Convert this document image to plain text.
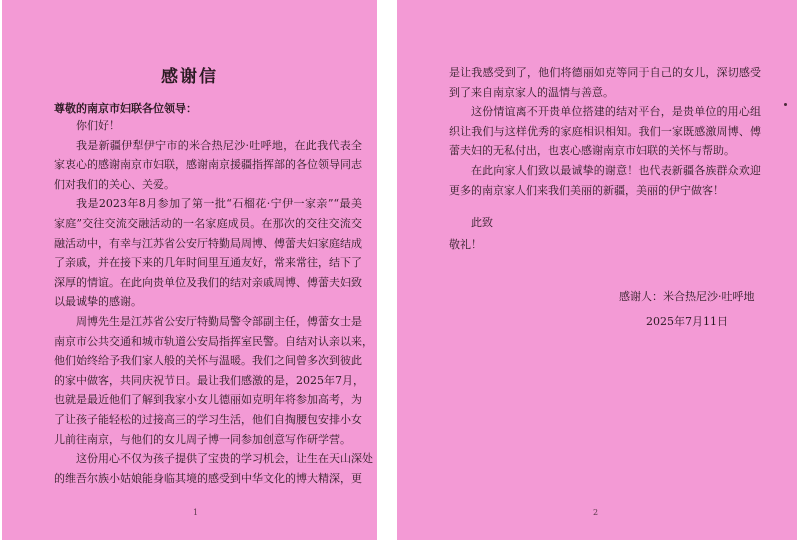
感谢信
尊敬的南京市妇联各位领导：
你们好！
我是新疆伊犁伊宁市的米合热尼沙·吐呼地，在此我代表全
家衷心的感谢南京市妇联，感谢南京援疆指挥部的各位领导同志
们对我们的关心、关爱。
我是2023年8月参加了第一批“石榴花·宁伊一家亲”“最美
家庭”交往交流交融活动的一名家庭成员。在那次的交往交流交
融活动中，有幸与江苏省公安厅特勤局周博、傅蕾夫妇家庭结成
了亲戚，并在接下来的几年时间里互通友好，常来常往，结下了
深厚的情谊。在此向贵单位及我们的结对亲戚周博、傅蕾夫妇致
以最诚挚的感谢。
周博先生是江苏省公安厅特勤局警令部副主任，傅蕾女士是
南京市公共交通和城市轨道公安局指挥室民警。自结对认亲以来，
他们始终给予我们家人般的关怀与温暖。我们之间曾多次到彼此
的家中做客，共同庆祝节日。最让我们感激的是，2025年7月，
也就是最近他们了解到我家小女儿德丽如克明年将参加高考，为
了让孩子能轻松的过接高三的学习生活，他们自掏腰包安排小女
儿前往南京，与他们的女儿周子博一同参加创意写作研学营。
这份用心不仅为孩子提供了宝贵的学习机会，让生在天山深处
的维吾尔族小姑娘能身临其境的感受到中华文化的博大精深，更
1
是让我感受到了，他们将德丽如克等同于自己的女儿，深切感受
到了来自南京家人的温情与善意。
这份情谊离不开贵单位搭建的结对平台，是贵单位的用心组
织让我们与这样优秀的家庭相识相知。我们一家既感激周博、傅
蕾夫妇的无私付出，也衷心感谢南京市妇联的关怀与帮助。
在此向家人们致以最诚挚的谢意！也代表新疆各族群众欢迎
更多的南京家人们来我们美丽的新疆，美丽的伊宁做客！
此致
敬礼！
感谢人：米合热尼沙·吐呼地
2025年7月11日
2
